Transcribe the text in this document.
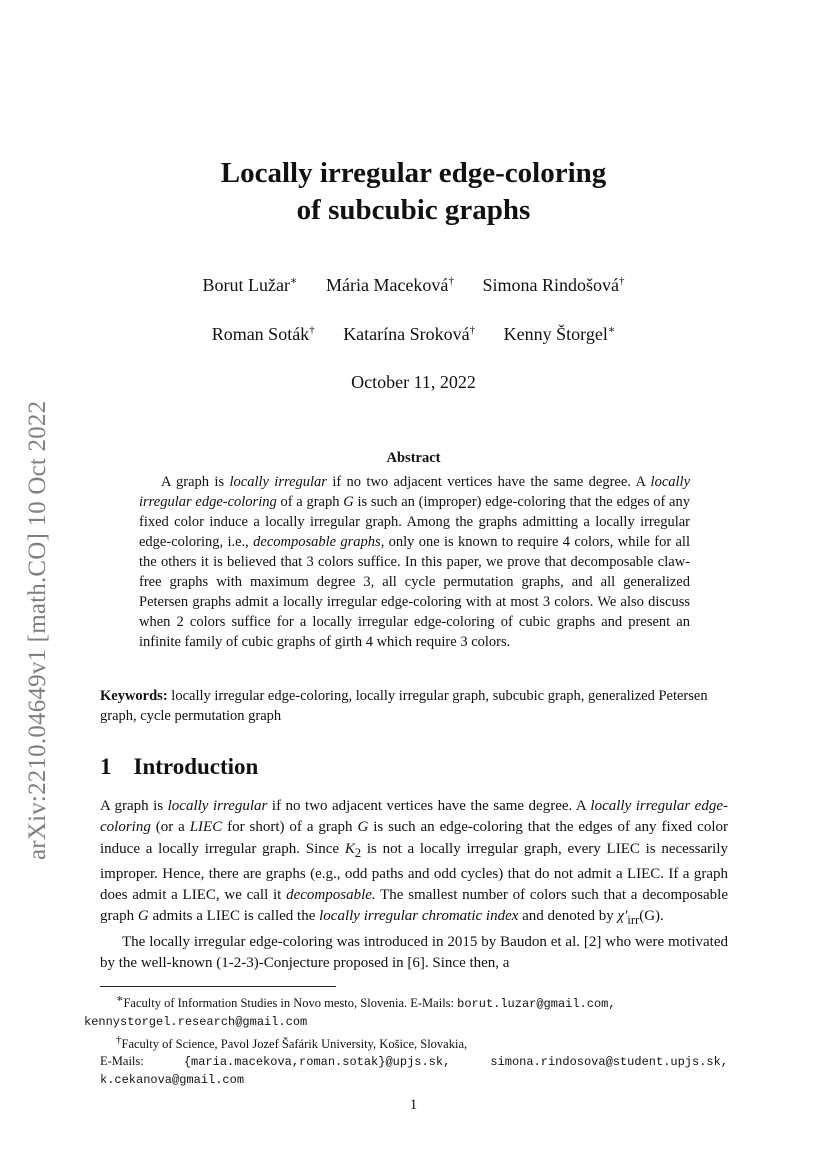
arXiv:2210.04649v1 [math.CO] 10 Oct 2022
Locally irregular edge-coloring
of subcubic graphs
Borut Lužar∗ Mária Maceková† Simona Rindošová†
Roman Soták† Katarína Sroková† Kenny Štorgel∗
October 11, 2022
Abstract
A graph is locally irregular if no two adjacent vertices have the same degree. A locally irregular edge-coloring of a graph G is such an (improper) edge-coloring that the edges of any fixed color induce a locally irregular graph. Among the graphs admitting a locally irregular edge-coloring, i.e., decomposable graphs, only one is known to require 4 colors, while for all the others it is believed that 3 colors suffice. In this paper, we prove that decomposable claw-free graphs with maximum degree 3, all cycle permutation graphs, and all generalized Petersen graphs admit a locally irregular edge-coloring with at most 3 colors. We also discuss when 2 colors suffice for a locally irregular edge-coloring of cubic graphs and present an infinite family of cubic graphs of girth 4 which require 3 colors.
Keywords: locally irregular edge-coloring, locally irregular graph, subcubic graph, generalized Petersen graph, cycle permutation graph
1 Introduction

A graph is locally irregular if no two adjacent vertices have the same degree. A locally irregular edge-coloring (or a LIEC for short) of a graph G is such an edge-coloring that the edges of any fixed color induce a locally irregular graph. Since $K_2$ is not a locally irregular graph, every LIEC is necessarily improper. Hence, there are graphs (e.g., odd paths and odd cycles) that do not admit a LIEC. If a graph does admit a LIEC, we call it decomposable. The smallest number of colors such that a decomposable graph G admits a LIEC is called the locally irregular chromatic index and denoted by $\chi'_{irr}(G)$.

The locally irregular edge-coloring was introduced in 2015 by Baudon et al. [2] who were motivated by the well-known (1-2-3)-Conjecture proposed in [6]. Since then, a

∗Faculty of Information Studies in Novo mesto, Slovenia. E-Mails: borut.luzar@gmail.com,
kennystorgel.research@gmail.com

†Faculty of Science, Pavol Jozef Šafárik University, Košice, Slovakia,

E-Mails:	{maria.macekova,roman.sotak}@upjs.sk,	simona.rindosova@student.upjs.sk,

k.cekanova@gmail.com

1
